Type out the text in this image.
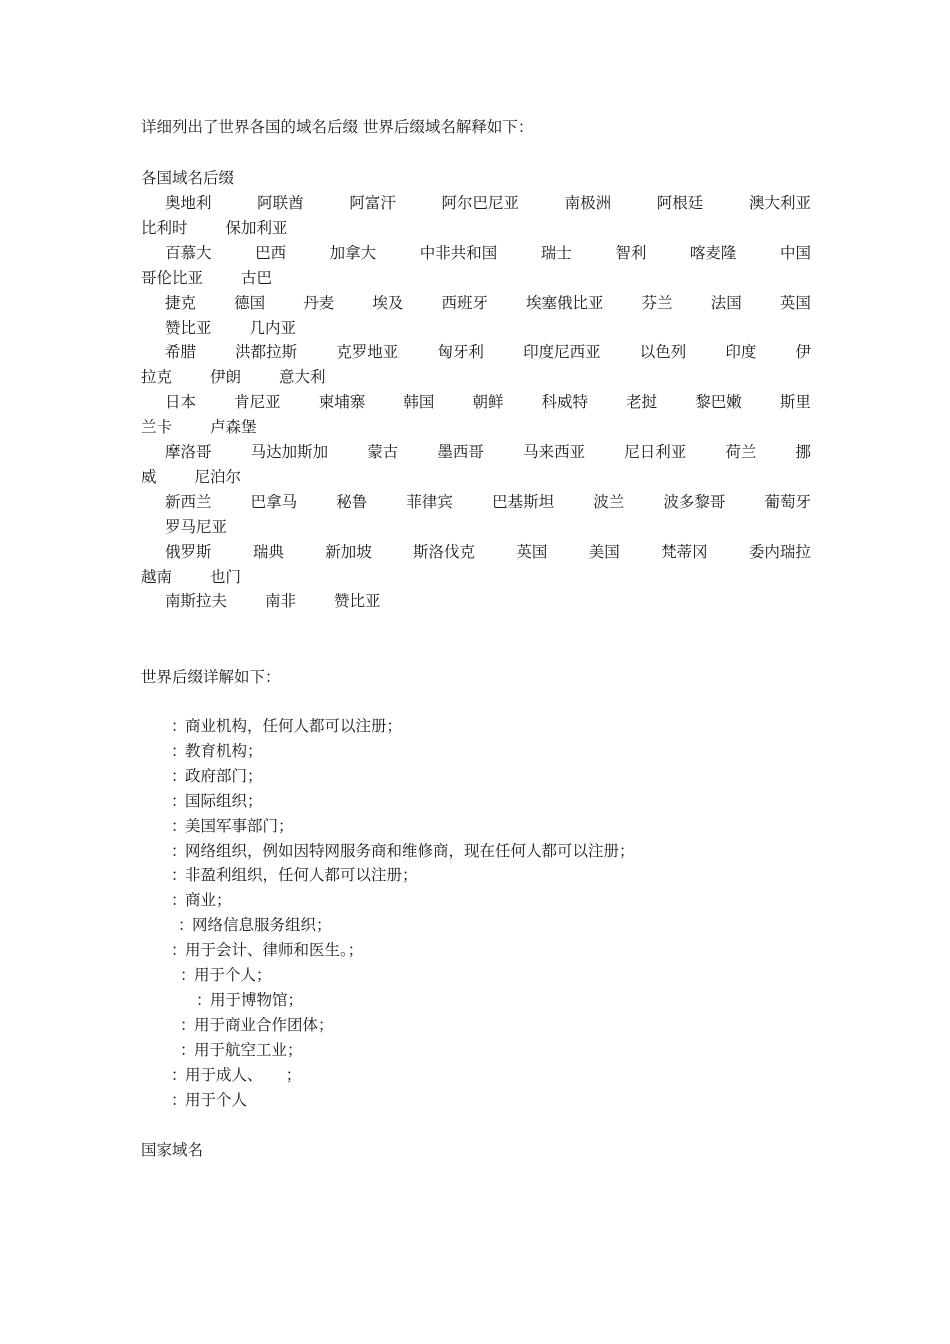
详细列出了世界各国的域名后缀 世界后缀域名解释如下：
各国域名后缀
奥地利	阿联酋	阿富汗	阿尔巴尼亚	南极洲	阿根廷	澳大利亚
比利时 保加利亚
百慕大	巴西	加拿大	中非共和国	瑞士	智利	喀麦隆	中国
哥伦比亚 古巴
捷克 德国 丹麦 埃及 西班牙 埃塞俄比亚 芬兰 法国 英国
赞比亚 几内亚
希腊	洪都拉斯	克罗地亚	匈牙利	印度尼西亚	以色列	印度	伊
拉克 伊朗 意大利
日本 肯尼亚 柬埔寨 韩国 朝鲜 科威特 老挝 黎巴嫩 斯里
兰卡 卢森堡
摩洛哥	马达加斯加	蒙古	墨西哥	马来西亚	尼日利亚	荷兰	挪
威 尼泊尔
新西兰	巴拿马	秘鲁	菲律宾	巴基斯坦	波兰	波多黎哥	葡萄牙
罗马尼亚
俄罗斯	瑞典	新加坡	斯洛伐克	英国	美国	梵蒂冈	委内瑞拉
越南 也门
南斯拉夫 南非 赞比亚
世界后缀详解如下：
：商业机构，任何人都可以注册；
：教育机构；
：政府部门；
：国际组织；
：美国军事部门；
：网络组织，例如因特网服务商和维修商，现在任何人都可以注册；
：非盈利组织，任何人都可以注册；
：商业；
：网络信息服务组织；
：用于会计、律师和医生。；
：用于个人；
：用于博物馆；
：用于商业合作团体；
：用于航空工业；
：用于成人、　　；
：用于个人
国家域名
